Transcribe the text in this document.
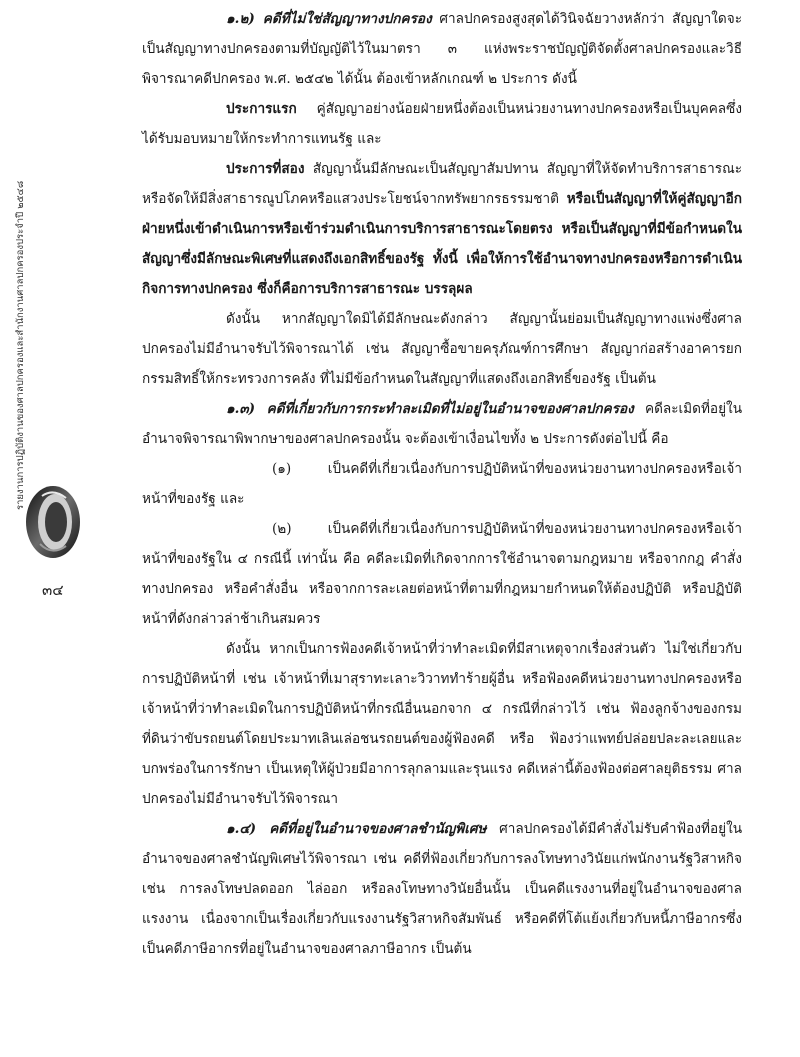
รายงานการปฏิบัติงานของศาลปกครองและสำนักงานศาลปกครองประจำปี ๒๕๔๘
๓๔

๑.๒) คดีที่ไม่ใช่สัญญาทางปกครอง ศาลปกครองสูงสุดได้วินิจฉัยวางหลักว่า สัญญาใดจะเป็นสัญญาทางปกครองตามที่บัญญัติไว้ในมาตรา ๓ แห่งพระราชบัญญัติจัดตั้งศาลปกครองและวิธีพิจารณาคดีปกครอง พ.ศ. ๒๕๔๒ ได้นั้น ต้องเข้าหลักเกณฑ์ ๒ ประการ ดังนี้

ประการแรก คู่สัญญาอย่างน้อยฝ่ายหนึ่งต้องเป็นหน่วยงานทางปกครองหรือเป็นบุคคลซึ่งได้รับมอบหมายให้กระทำการแทนรัฐ และ

ประการที่สอง สัญญานั้นมีลักษณะเป็นสัญญาสัมปทาน สัญญาที่ให้จัดทำบริการสาธารณะหรือจัดให้มีสิ่งสาธารณูปโภคหรือแสวงประโยชน์จากทรัพยากรธรรมชาติ หรือเป็นสัญญาที่ให้คู่สัญญาอีกฝ่ายหนึ่งเข้าดำเนินการหรือเข้าร่วมดำเนินการบริการสาธารณะโดยตรง หรือเป็นสัญญาที่มีข้อกำหนดในสัญญาซึ่งมีลักษณะพิเศษที่แสดงถึงเอกสิทธิ์ของรัฐ ทั้งนี้ เพื่อให้การใช้อำนาจทางปกครองหรือการดำเนินกิจการทางปกครอง ซึ่งก็คือการบริการสาธารณะ บรรลุผล

ดังนั้น หากสัญญาใดมิได้มีลักษณะดังกล่าว สัญญานั้นย่อมเป็นสัญญาทางแพ่งซึ่งศาลปกครองไม่มีอำนาจรับไว้พิจารณาได้ เช่น สัญญาซื้อขายครุภัณฑ์การศึกษา สัญญาก่อสร้างอาคารยกกรรมสิทธิ์ให้กระทรวงการคลัง ที่ไม่มีข้อกำหนดในสัญญาที่แสดงถึงเอกสิทธิ์ของรัฐ เป็นต้น

๑.๓) คดีที่เกี่ยวกับการกระทำละเมิดที่ไม่อยู่ในอำนาจของศาลปกครอง คดีละเมิดที่อยู่ในอำนาจพิจารณาพิพากษาของศาลปกครองนั้น จะต้องเข้าเงื่อนไขทั้ง ๒ ประการดังต่อไปนี้ คือ

(๑) เป็นคดีที่เกี่ยวเนื่องกับการปฏิบัติหน้าที่ของหน่วยงานทางปกครองหรือเจ้าหน้าที่ของรัฐ และ

(๒) เป็นคดีที่เกี่ยวเนื่องกับการปฏิบัติหน้าที่ของหน่วยงานทางปกครองหรือเจ้าหน้าที่ของรัฐใน ๔ กรณีนี้ เท่านั้น คือ คดีละเมิดที่เกิดจากการใช้อำนาจตามกฎหมาย หรือจากกฎ คำสั่งทางปกครอง หรือคำสั่งอื่น หรือจากการละเลยต่อหน้าที่ตามที่กฎหมายกำหนดให้ต้องปฏิบัติ หรือปฏิบัติหน้าที่ดังกล่าวล่าช้าเกินสมควร

ดังนั้น หากเป็นการฟ้องคดีเจ้าหน้าที่ว่าทำละเมิดที่มีสาเหตุจากเรื่องส่วนตัว ไม่ใช่เกี่ยวกับการปฏิบัติหน้าที่ เช่น เจ้าหน้าที่เมาสุราทะเลาะวิวาททำร้ายผู้อื่น หรือฟ้องคดีหน่วยงานทางปกครองหรือเจ้าหน้าที่ว่าทำละเมิดในการปฏิบัติหน้าที่กรณีอื่นนอกจาก ๔ กรณีที่กล่าวไว้ เช่น ฟ้องลูกจ้างของกรมที่ดินว่าขับรถยนต์โดยประมาทเลินเล่อชนรถยนต์ของผู้ฟ้องคดี หรือ ฟ้องว่าแพทย์ปล่อยปละละเลยและบกพร่องในการรักษา เป็นเหตุให้ผู้ป่วยมีอาการลุกลามและรุนแรง คดีเหล่านี้ต้องฟ้องต่อศาลยุติธรรม ศาลปกครองไม่มีอำนาจรับไว้พิจารณา

๑.๔) คดีที่อยู่ในอำนาจของศาลชำนัญพิเศษ ศาลปกครองได้มีคำสั่งไม่รับคำฟ้องที่อยู่ในอำนาจของศาลชำนัญพิเศษไว้พิจารณา เช่น คดีที่ฟ้องเกี่ยวกับการลงโทษทางวินัยแก่พนักงานรัฐวิสาหกิจ เช่น การลงโทษปลดออก ไล่ออก หรือลงโทษทางวินัยอื่นนั้น เป็นคดีแรงงานที่อยู่ในอำนาจของศาลแรงงาน เนื่องจากเป็นเรื่องเกี่ยวกับแรงงานรัฐวิสาหกิจสัมพันธ์ หรือคดีที่โต้แย้งเกี่ยวกับหนี้ภาษีอากรซึ่งเป็นคดีภาษีอากรที่อยู่ในอำนาจของศาลภาษีอากร เป็นต้น
